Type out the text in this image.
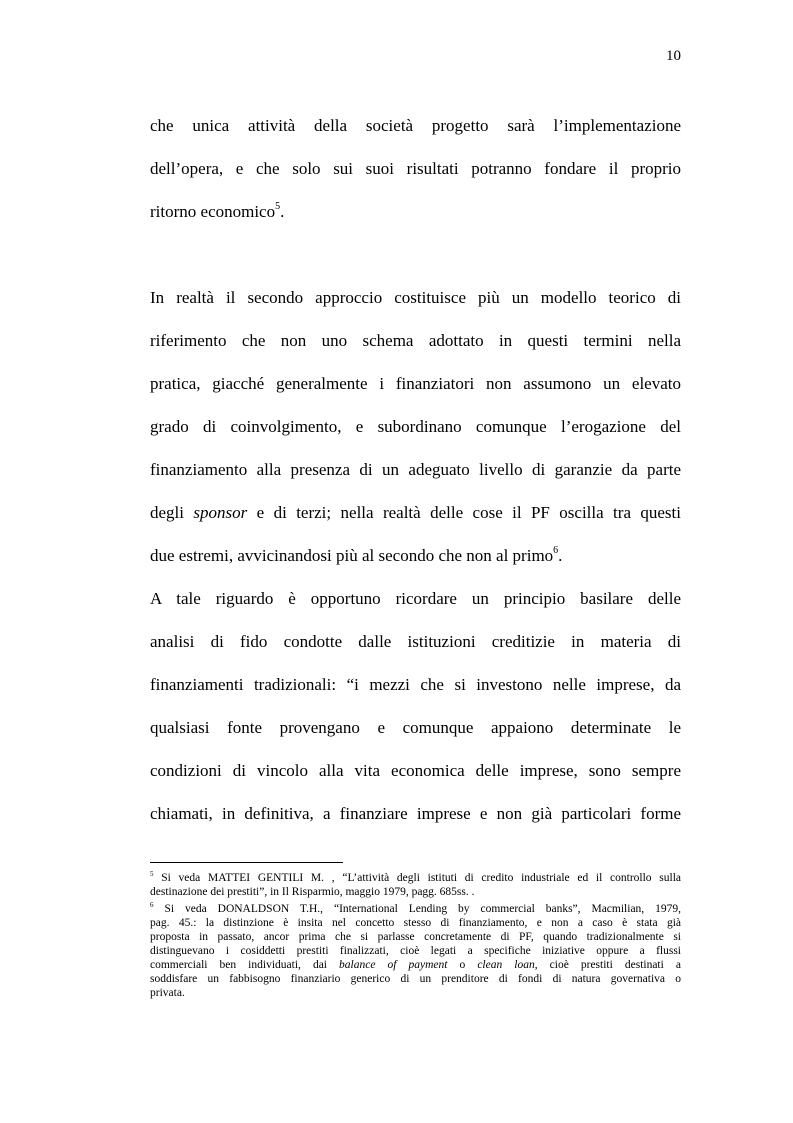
10
che unica attività della società progetto sarà l’implementazione
dell’opera, e che solo sui suoi risultati potranno fondare il proprio
ritorno economico$^5$.
In realtà il secondo approccio costituisce più un modello teorico di
riferimento che non uno schema adottato in questi termini nella
pratica, giacché generalmente i finanziatori non assumono un elevato
grado di coinvolgimento, e subordinano comunque l’erogazione del
finanziamento alla presenza di un adeguato livello di garanzie da parte
degli sponsor e di terzi; nella realtà delle cose il PF oscilla tra questi
due estremi, avvicinandosi più al secondo che non al primo$^6$.
A tale riguardo è opportuno ricordare un principio basilare delle
analisi di fido condotte dalle istituzioni creditizie in materia di
finanziamenti tradizionali: “i mezzi che si investono nelle imprese, da
qualsiasi fonte provengano e comunque appaiono determinate le
condizioni di vincolo alla vita economica delle imprese, sono sempre
chiamati, in definitiva, a finanziare imprese e non già particolari forme
$^5$ Si veda MATTEI GENTILI M. , “L’attività degli istituti di credito industriale ed il controllo sulla
destinazione dei prestiti”, in Il Risparmio, maggio 1979, pagg. 685ss. .
$^6$ Si veda DONALDSON T.H., “International Lending by commercial banks”, Macmilian, 1979,
pag. 45.: la distinzione è insita nel concetto stesso di finanziamento, e non a caso è stata già
proposta in passato, ancor prima che si parlasse concretamente di PF, quando tradizionalmente si
distinguevano i cosiddetti prestiti finalizzati, cioè legati a specifiche iniziative oppure a flussi
commerciali ben individuati, dai balance of payment o clean loan, cioè prestiti destinati a
soddisfare un fabbisogno finanziario generico di un prenditore di fondi di natura governativa o
privata.
